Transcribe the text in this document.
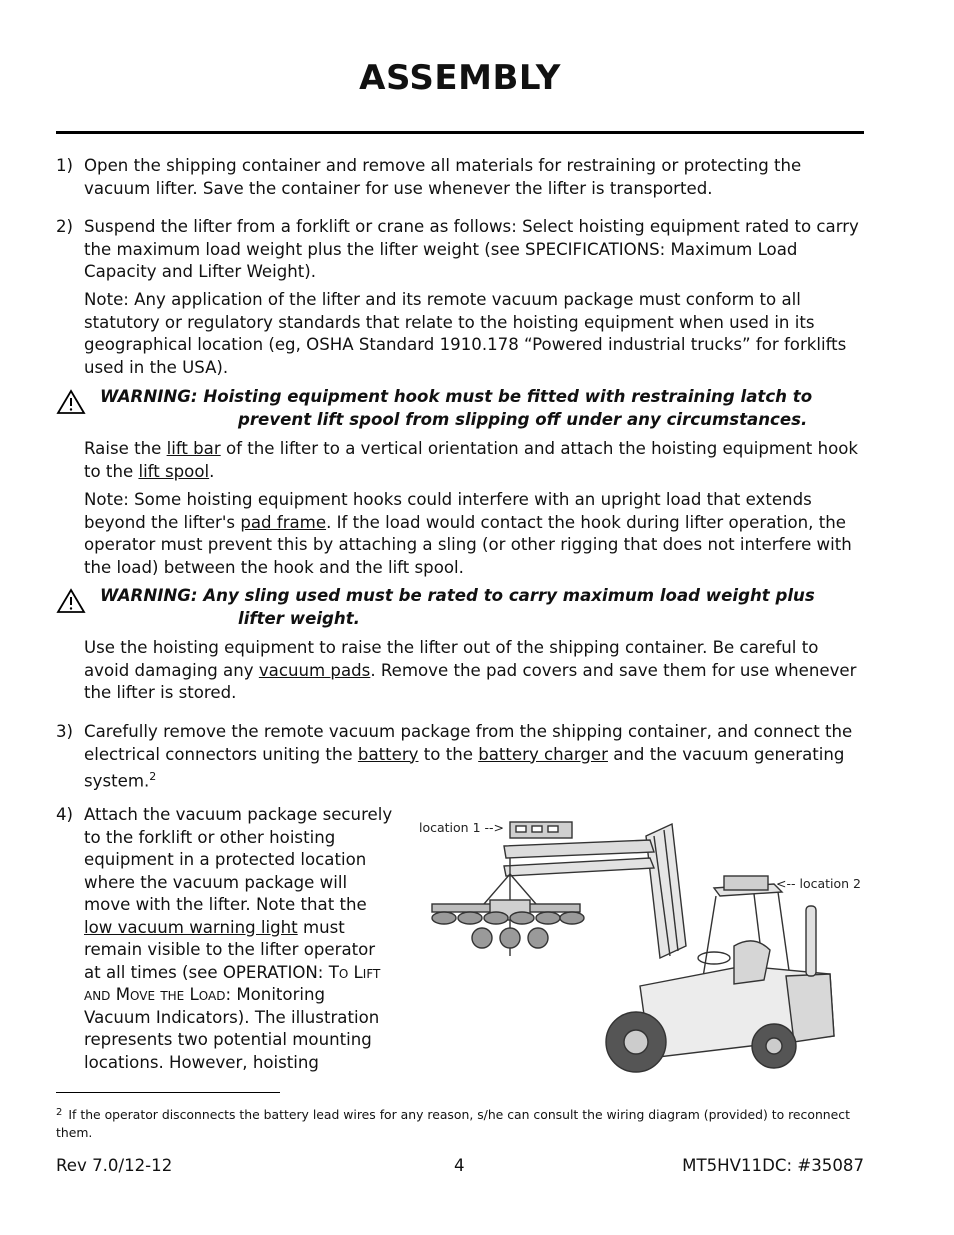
ASSEMBLY
1) Open the shipping container and remove all materials for restraining or protecting the vacuum lifter. Save the container for use whenever the lifter is transported.
2) Suspend the lifter from a forklift or crane as follows: Select hoisting equipment rated to carry the maximum load weight plus the lifter weight (see SPECIFICATIONS: Maximum Load Capacity and Lifter Weight).
Note: Any application of the lifter and its remote vacuum package must conform to all statutory or regulatory standards that relate to the hoisting equipment when used in its geographical location (eg, OSHA Standard 1910.178 “Powered industrial trucks” for forklifts used in the USA).
WARNING: Hoisting equipment hook must be fitted with restraining latch to
prevent lift spool from slipping off under any circumstances.
Raise the lift bar of the lifter to a vertical orientation and attach the hoisting equipment hook to the lift spool.
Note: Some hoisting equipment hooks could interfere with an upright load that extends beyond the lifter's pad frame. If the load would contact the hook during lifter operation, the operator must prevent this by attaching a sling (or other rigging that does not interfere with the load) between the hook and the lift spool.
WARNING: Any sling used must be rated to carry maximum load weight plus
lifter weight.
Use the hoisting equipment to raise the lifter out of the shipping container. Be careful to avoid damaging any vacuum pads. Remove the pad covers and save them for use whenever the lifter is stored.
3) Carefully remove the remote vacuum package from the shipping container, and connect the electrical connectors uniting the battery to the battery charger and the vacuum generating system.$^2$
4) Attach the vacuum package securely to the forklift or other hoisting equipment in a protected location where the vacuum package will move with the lifter. Note that the low vacuum warning light must remain visible to the lifter operator at all times (see OPERATION: To Lift and Move the Load: Monitoring Vacuum Indicators). The illustration represents two potential mounting locations. However, hoisting
location 1 -->
<-- location 2
$^2$ If the operator disconnects the battery lead wires for any reason, s/he can consult the wiring diagram (provided) to reconnect them.
Rev 7.0/12-12	4	MT5HV11DC: #35087
